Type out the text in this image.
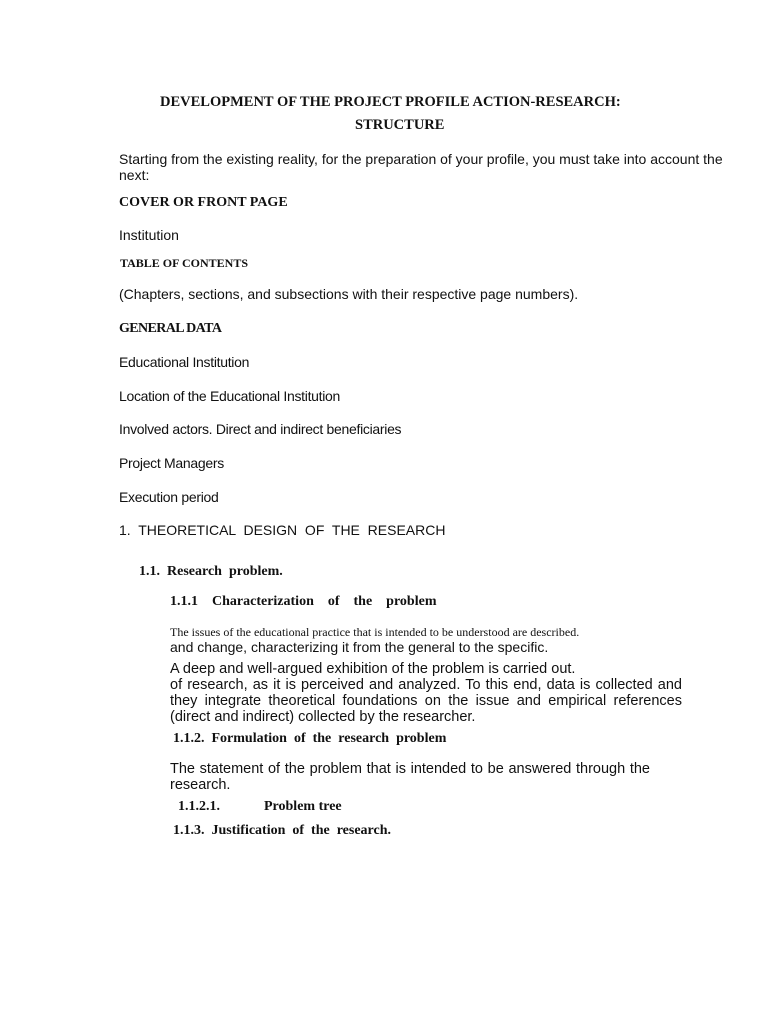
DEVELOPMENT OF THE PROJECT PROFILE ACTION-RESEARCH:

STRUCTURE

Starting from the existing reality, for the preparation of your profile, you must take into account the

next:

COVER OR FRONT PAGE

Institution

TABLE OF CONTENTS

(Chapters, sections, and subsections with their respective page numbers).

GENERAL DATA

Educational Institution

Location of the Educational Institution

Involved actors. Direct and indirect beneficiaries

Project Managers

Execution period

1.  THEORETICAL  DESIGN  OF  THE  RESEARCH

1.1.  Research  problem.

1.1.1    Characterization    of    the    problem

The issues of the educational practice that is intended to be understood are described.

and change, characterizing it from the general to the specific.

A deep and well-argued exhibition of the problem is carried out.

of research, as it is perceived and analyzed. To this end, data is collected and they integrate theoretical foundations on the issue and empirical references (direct and indirect) collected by the researcher.

1.1.2.  Formulation  of  the  research  problem

The statement of the problem that is intended to be answered through the research.

1.1.2.1.	Problem tree

1.1.3.  Justification  of  the  research.
